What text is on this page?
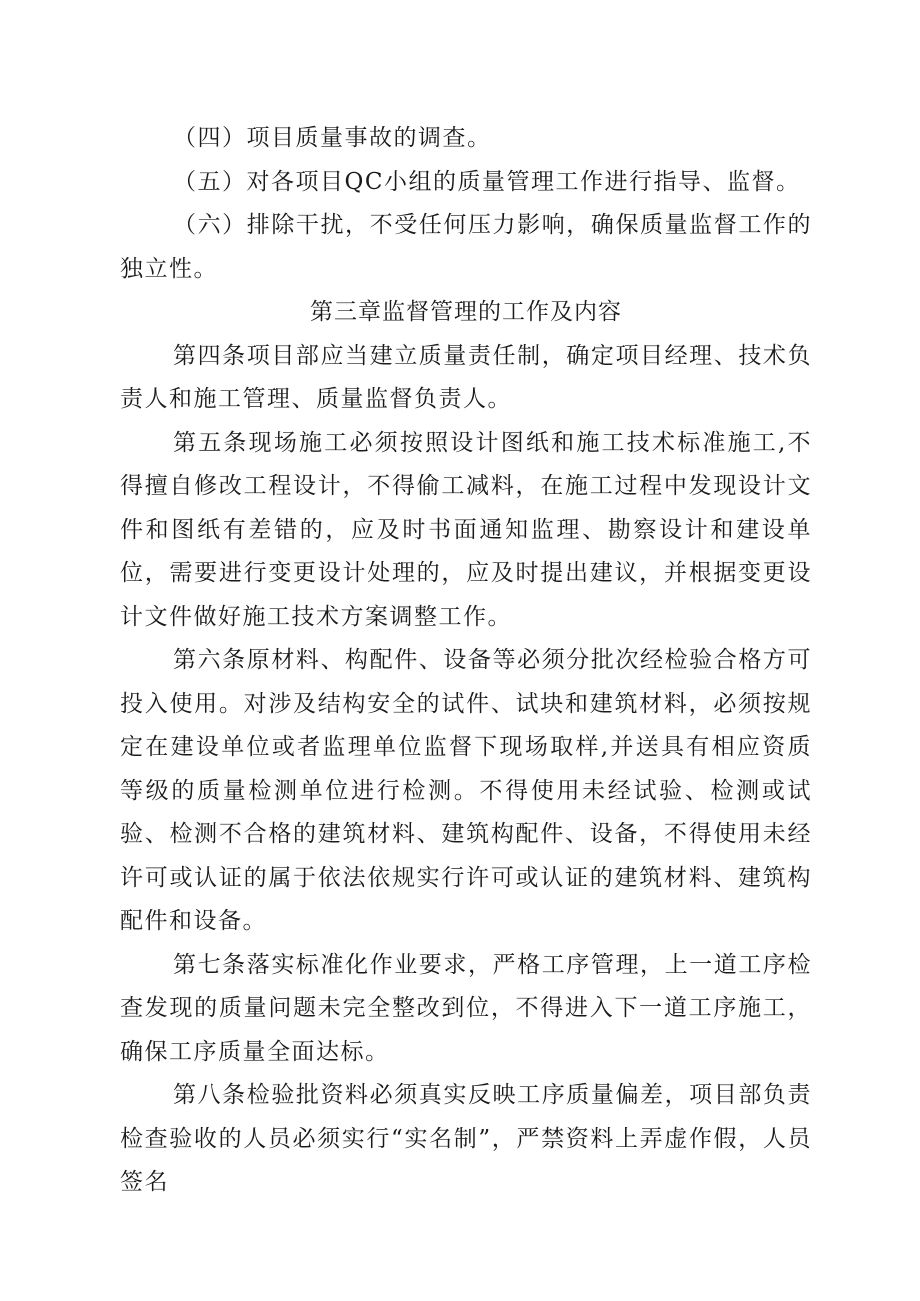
（四）项目质量事故的调查。

（五）对各项目QC小组的质量管理工作进行指导、监督。

（六）排除干扰，不受任何压力影响，确保质量监督工作的独立性。

第三章监督管理的工作及内容

第四条项目部应当建立质量责任制，确定项目经理、技术负责人和施工管理、质量监督负责人。

第五条现场施工必须按照设计图纸和施工技术标准施工,不得擅自修改工程设计，不得偷工减料，在施工过程中发现设计文件和图纸有差错的，应及时书面通知监理、勘察设计和建设单位，需要进行变更设计处理的，应及时提出建议，并根据变更设计文件做好施工技术方案调整工作。

第六条原材料、构配件、设备等必须分批次经检验合格方可投入使用。对涉及结构安全的试件、试块和建筑材料，必须按规定在建设单位或者监理单位监督下现场取样,并送具有相应资质等级的质量检测单位进行检测。不得使用未经试验、检测或试验、检测不合格的建筑材料、建筑构配件、设备，不得使用未经许可或认证的属于依法依规实行许可或认证的建筑材料、建筑构配件和设备。

第七条落实标准化作业要求，严格工序管理，上一道工序检查发现的质量问题未完全整改到位，不得进入下一道工序施工，确保工序质量全面达标。

第八条检验批资料必须真实反映工序质量偏差，项目部负责检查验收的人员必须实行“实名制”，严禁资料上弄虚作假，人员签名
